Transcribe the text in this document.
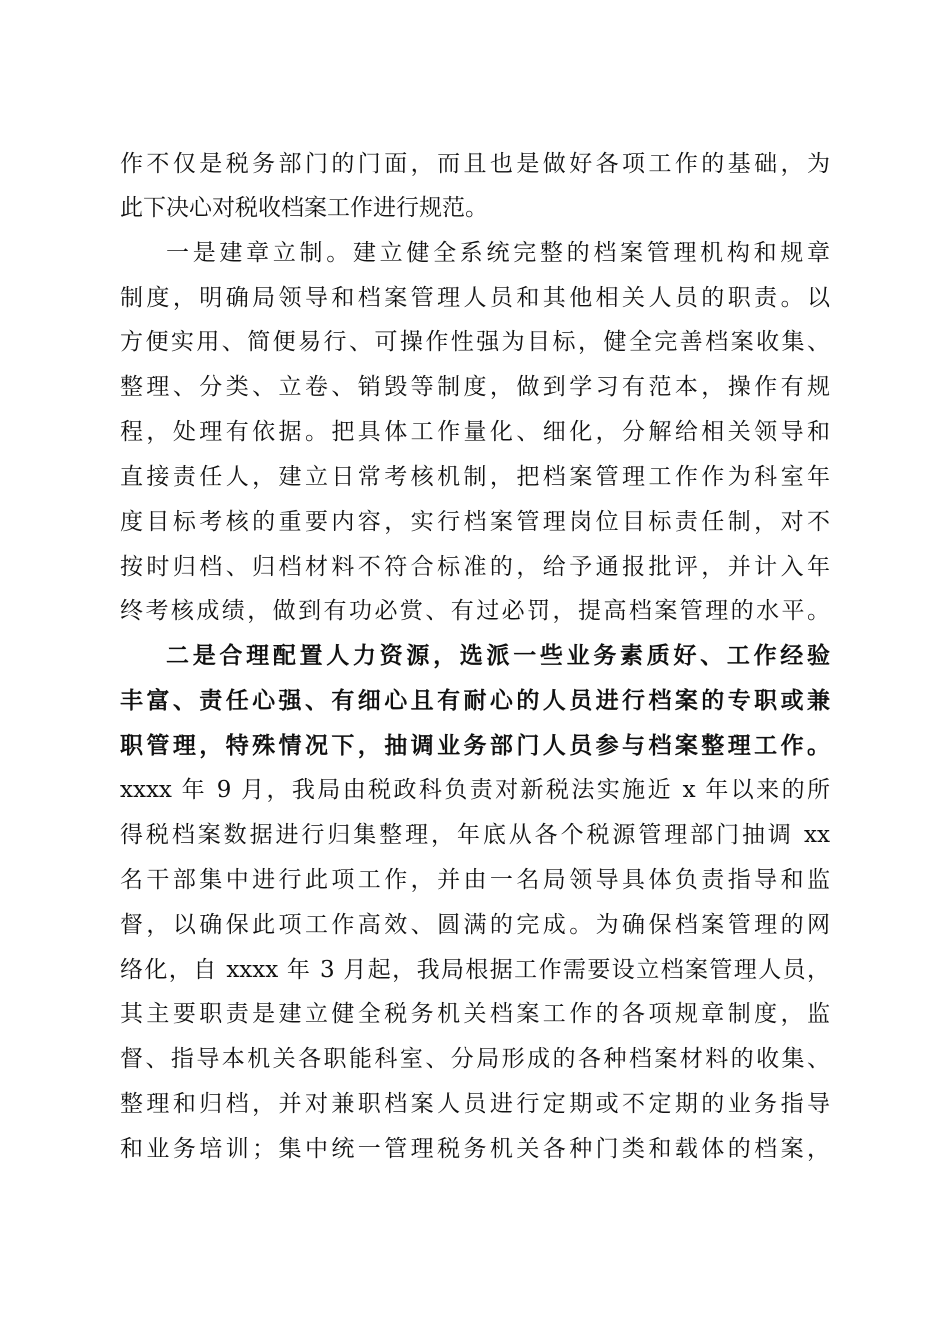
作不仅是税务部门的门面，而且也是做好各项工作的基础，为
此下决心对税收档案工作进行规范。
一是建章立制。建立健全系统完整的档案管理机构和规章
制度，明确局领导和档案管理人员和其他相关人员的职责。以
方便实用、简便易行、可操作性强为目标，健全完善档案收集、
整理、分类、立卷、销毁等制度，做到学习有范本，操作有规
程，处理有依据。把具体工作量化、细化，分解给相关领导和
直接责任人，建立日常考核机制，把档案管理工作作为科室年
度目标考核的重要内容，实行档案管理岗位目标责任制，对不
按时归档、归档材料不符合标准的，给予通报批评，并计入年
终考核成绩，做到有功必赏、有过必罚，提高档案管理的水平。
二是合理配置人力资源，选派一些业务素质好、工作经验
丰富、责任心强、有细心且有耐心的人员进行档案的专职或兼
职管理，特殊情况下，抽调业务部门人员参与档案整理工作。
xxxx 年 9 月，我局由税政科负责对新税法实施近 x 年以来的所
得税档案数据进行归集整理，年底从各个税源管理部门抽调 xx
名干部集中进行此项工作，并由一名局领导具体负责指导和监
督，以确保此项工作高效、圆满的完成。为确保档案管理的网
络化，自 xxxx 年 3 月起，我局根据工作需要设立档案管理人员，
其主要职责是建立健全税务机关档案工作的各项规章制度，监
督、指导本机关各职能科室、分局形成的各种档案材料的收集、
整理和归档，并对兼职档案人员进行定期或不定期的业务指导
和业务培训；集中统一管理税务机关各种门类和载体的档案，
